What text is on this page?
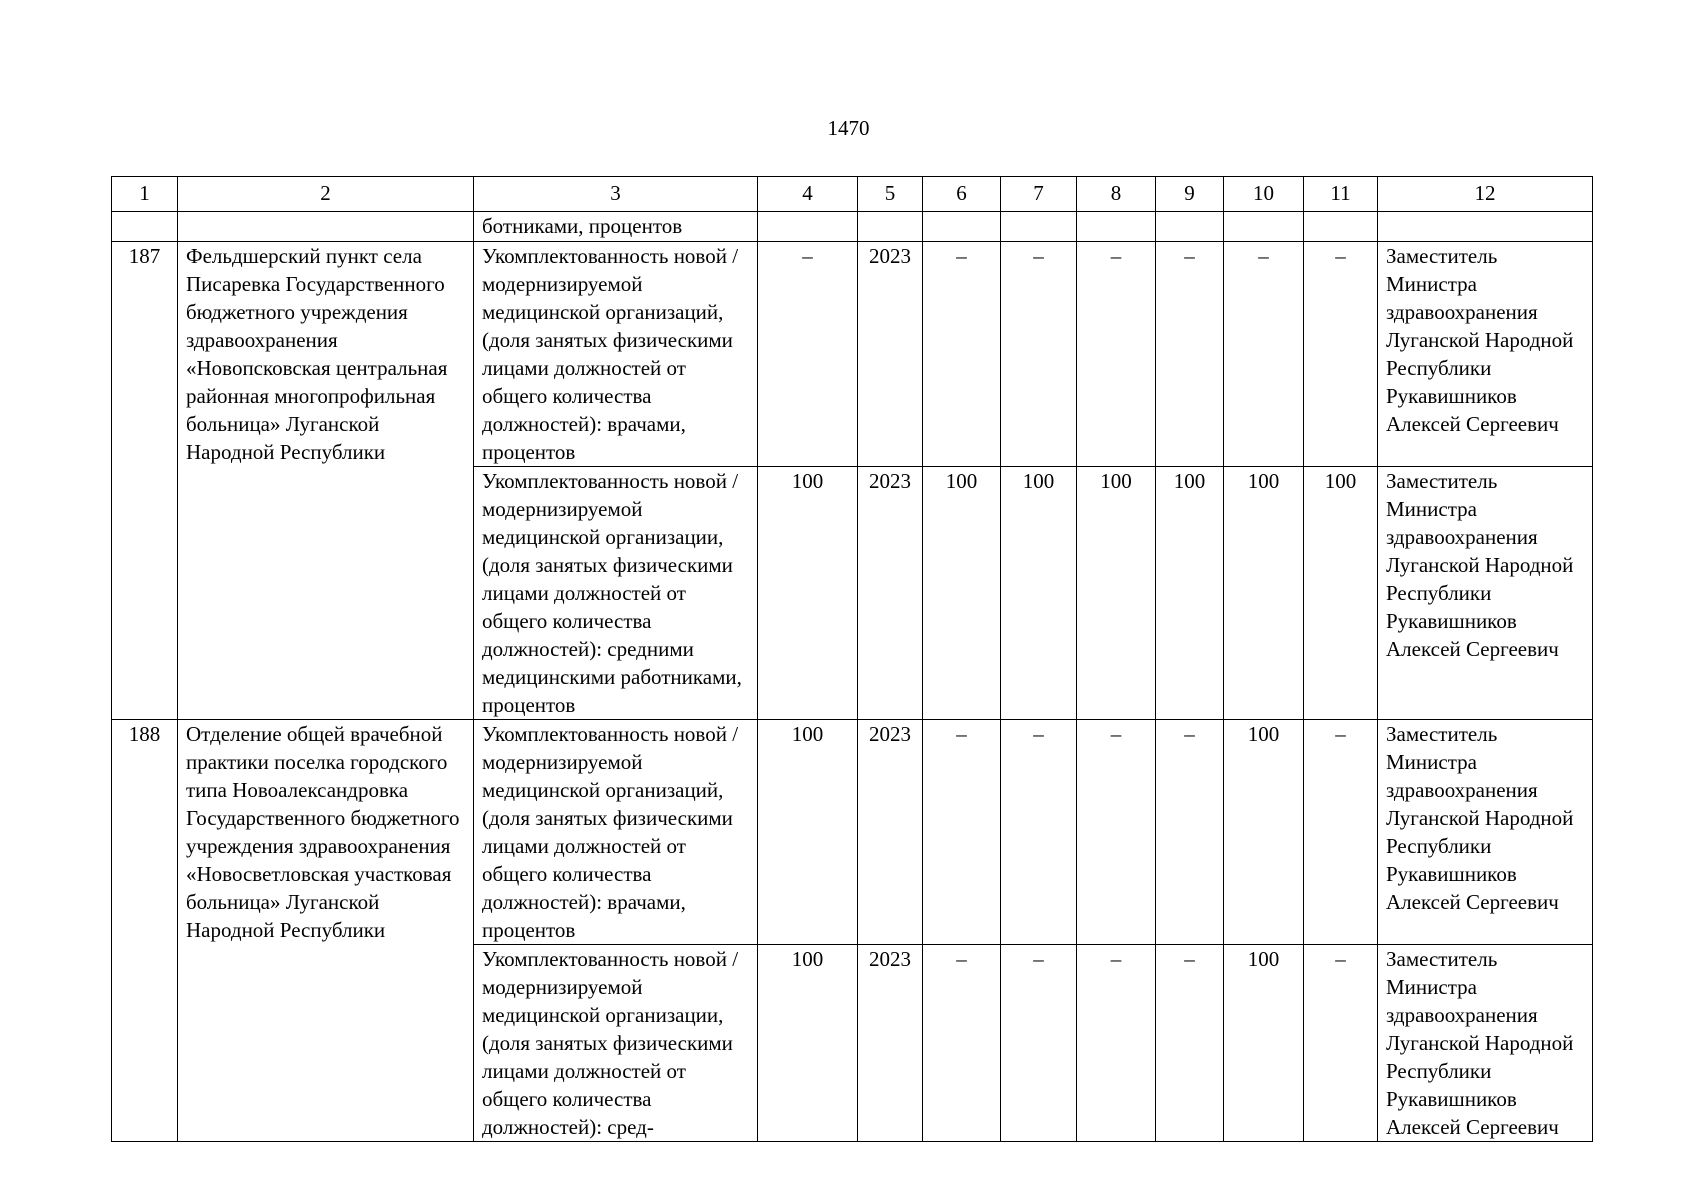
1470
1	2	3	4	5	6	7	8	9	10	11	12
		ботниками, процентов									
187	Фельдшерский пункт села Писаревка Государственного бюджетного учреждения здравоохранения «Новопсковская центральная районная многопрофильная больница» Луганской Народной Республики	Укомплектованность новой / модернизируемой медицинской организаций, (доля занятых физическими лицами должностей от общего количества должностей): врачами, процентов	–	2023	–	–	–	–	–	–	Заместитель Министра здравоохранения Луганской Народной Республики Рукавишников Алексей Сергеевич
		Укомплектованность новой / модернизируемой медицинской организации, (доля занятых физическими лицами должностей от общего количества должностей): средними медицинскими работниками, процентов	100	2023	100	100	100	100	100	100	Заместитель Министра здравоохранения Луганской Народной Республики Рукавишников Алексей Сергеевич
188	Отделение общей врачебной практики поселка городского типа Новоалександровка Государственного бюджетного учреждения здравоохранения «Новосветловская участковая больница» Луганской Народной Республики	Укомплектованность новой / модернизируемой медицинской организаций, (доля занятых физическими лицами должностей от общего количества должностей): врачами, процентов	100	2023	–	–	–	–	100	–	Заместитель Министра здравоохранения Луганской Народной Республики Рукавишников Алексей Сергеевич
		Укомплектованность новой / модернизируемой медицинской организации, (доля занятых физическими лицами должностей от общего количества должностей): сред-	100	2023	–	–	–	–	100	–	Заместитель Министра здравоохранения Луганской Народной Республики Рукавишников Алексей Сергеевич
